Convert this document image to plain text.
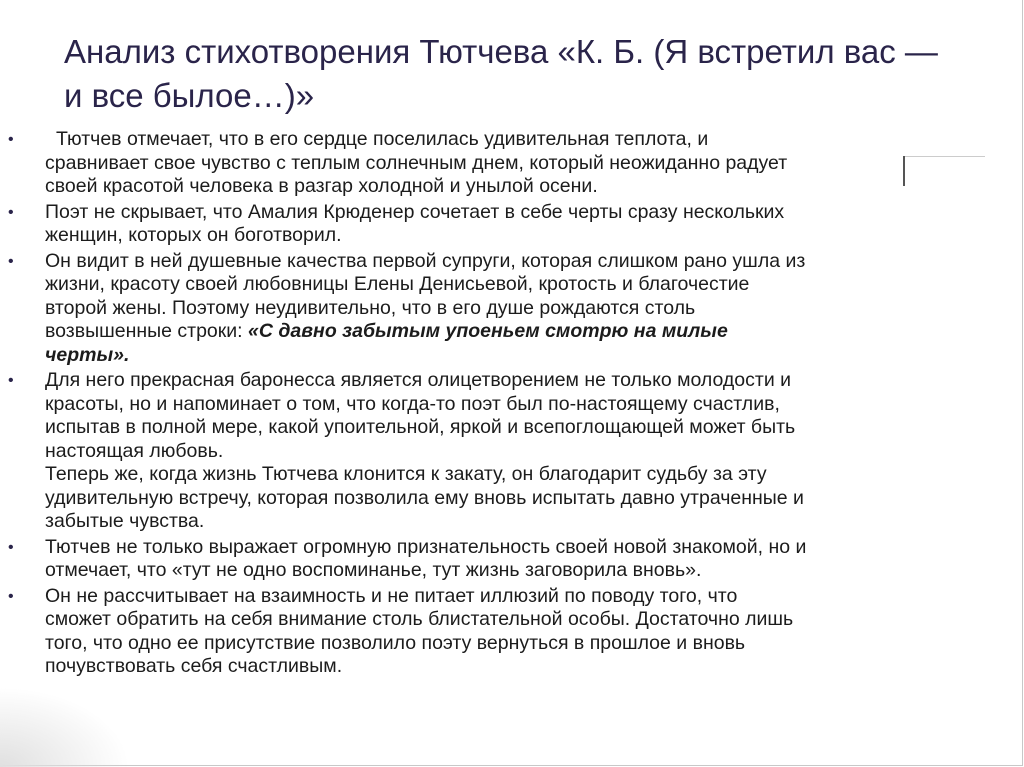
Анализ стихотворения Тютчева «К. Б. (Я встретил вас —
и все былое…)»
•	Тютчев отмечает, что в его сердце поселилась удивительная теплота, и
сравнивает свое чувство с теплым солнечным днем, который неожиданно радует
своей красотой человека в разгар холодной и унылой осени.
• Поэт не скрывает, что Амалия Крюденер сочетает в себе черты сразу нескольких
женщин, которых он боготворил.
• Он видит в ней душевные качества первой супруги, которая слишком рано ушла из
жизни, красоту своей любовницы Елены Денисьевой, кротость и благочестие
второй жены. Поэтому неудивительно, что в его душе рождаются столь
возвышенные строки: «С давно забытым упоеньем смотрю на милые
черты».
• Для него прекрасная баронесса является олицетворением не только молодости и
красоты, но и напоминает о том, что когда-то поэт был по-настоящему счастлив,
испытав в полной мере, какой упоительной, яркой и всепоглощающей может быть
настоящая любовь.
Теперь же, когда жизнь Тютчева клонится к закату, он благодарит судьбу за эту
удивительную встречу, которая позволила ему вновь испытать давно утраченные и
забытые чувства.
• Тютчев не только выражает огромную признательность своей новой знакомой, но и
отмечает, что «тут не одно воспоминанье, тут жизнь заговорила вновь».
• Он не рассчитывает на взаимность и не питает иллюзий по поводу того, что
сможет обратить на себя внимание столь блистательной особы. Достаточно лишь
того, что одно ее присутствие позволило поэту вернуться в прошлое и вновь
почувствовать себя счастливым.
